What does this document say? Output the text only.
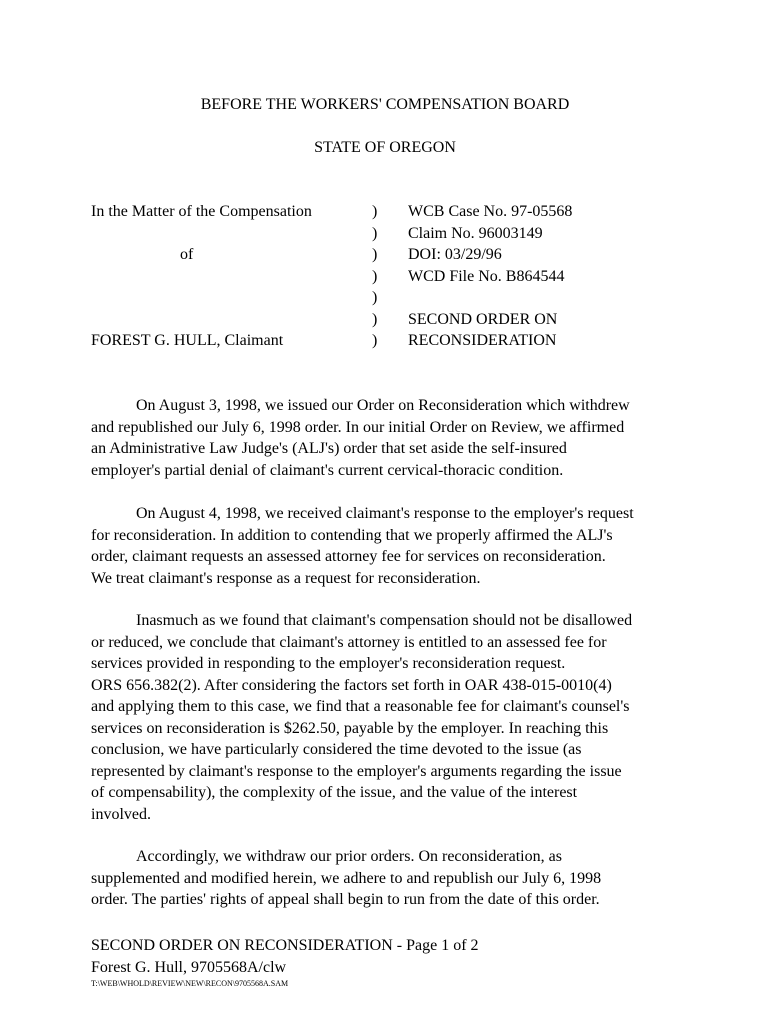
BEFORE THE WORKERS' COMPENSATION BOARD
STATE OF OREGON
In the Matter of the Compensation
of
FOREST G. HULL, Claimant
)
)
)
)
)
)
)
WCB Case No. 97-05568
Claim No. 96003149
DOI: 03/29/96
WCD File No. B864544
SECOND ORDER ON
RECONSIDERATION
On August 3, 1998, we issued our Order on Reconsideration which withdrew
and republished our July 6, 1998 order. In our initial Order on Review, we affirmed
an Administrative Law Judge's (ALJ's) order that set aside the self-insured
employer's partial denial of claimant's current cervical-thoracic condition.
On August 4, 1998, we received claimant's response to the employer's request
for reconsideration. In addition to contending that we properly affirmed the ALJ's
order, claimant requests an assessed attorney fee for services on reconsideration.
We treat claimant's response as a request for reconsideration.
Inasmuch as we found that claimant's compensation should not be disallowed
or reduced, we conclude that claimant's attorney is entitled to an assessed fee for
services provided in responding to the employer's reconsideration request.
ORS 656.382(2). After considering the factors set forth in OAR 438-015-0010(4)
and applying them to this case, we find that a reasonable fee for claimant's counsel's
services on reconsideration is $262.50, payable by the employer. In reaching this
conclusion, we have particularly considered the time devoted to the issue (as
represented by claimant's response to the employer's arguments regarding the issue
of compensability), the complexity of the issue, and the value of the interest
involved.
Accordingly, we withdraw our prior orders. On reconsideration, as
supplemented and modified herein, we adhere to and republish our July 6, 1998
order. The parties' rights of appeal shall begin to run from the date of this order.
SECOND ORDER ON RECONSIDERATION - Page 1 of 2
Forest G. Hull, 9705568A/clw
T:\WEB\WHOLD\REVIEW\NEW\RECON\9705568A.SAM
